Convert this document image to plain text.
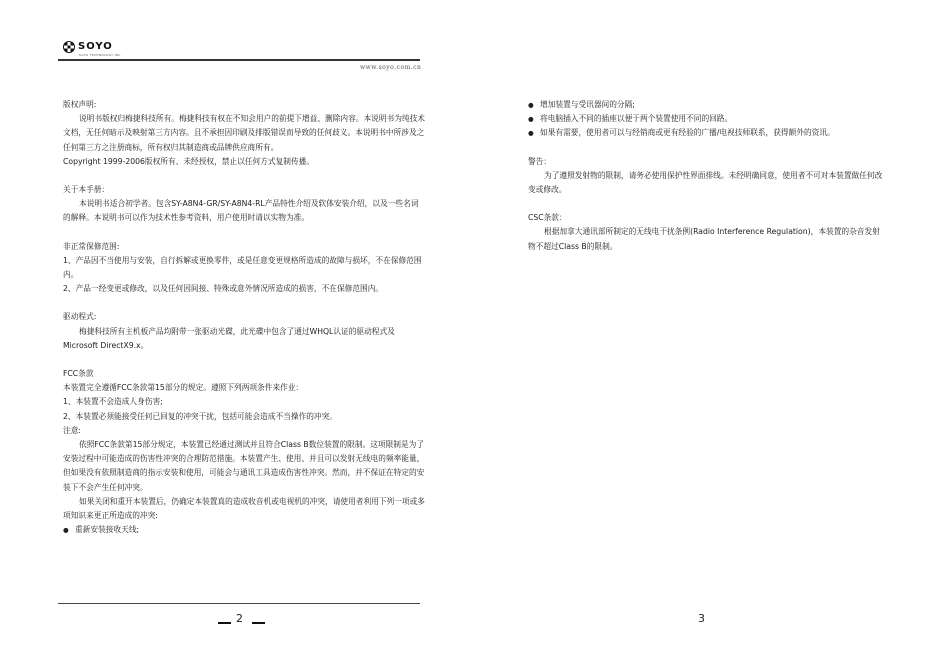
SOYO
SOYO TECHNOLOGY INC.
www.soyo.com.cn

版权声明:

说明书版权归梅捷科技所有。梅捷科技有权在不知会用户的前提下增益、删除内容。本说明书为纯技术文档，无任何暗示及映射第三方内容。且不承担因印刷及排版错误而导致的任何歧义。本说明书中所涉及之任何第三方之注册商标，所有权归其制造商或品牌供应商所有。

Copyright 1999-2006版权所有、未经授权，禁止以任何方式复制传播。

关于本手册：

本说明书适合初学者。包含SY-A8N4-GR/SY-A8N4-RL产品特性介绍及软体安装介绍，以及一些名词的解释。本说明书可以作为技术性参考资料，用户使用时请以实物为准。

非正常保修范围:

1、产品因不当使用与安装，自行拆解或更换零件，或是任意变更规格所造成的故障与损坏，不在保修范围内。

2、产品一经变更或修改，以及任何因间接、特殊或意外情况所造成的损害，不在保修范围内。

驱动程式:

梅捷科技所有主机板产品均附带一张驱动光碟，此光碟中包含了通过WHQL认证的驱动程式及Microsoft DirectX9.x。

FCC条款

本装置完全遵循FCC条款第15部分的规定。遵照下列两项条件来作业：

1、本装置不会造成人身伤害;

2、本装置必须能接受任何已回复的冲突干扰，包括可能会造成不当操作的冲突。

注意:

依照FCC条款第15部分规定，本装置已经通过测试并且符合Class B数位装置的限制。这项限制是为了安装过程中可能造成的伤害性冲突的合理防范措施。本装置产生、使用、并且可以发射无线电的频率能量，但如果没有依照制造商的指示安装和使用，可能会与通讯工具造成伤害性冲突。然而，并不保证在特定的安装下不会产生任何冲突。

如果关闭和重开本装置后，仍确定本装置真的造成收音机或电视机的冲突，请使用者利用下列一项或多项知识来更正所造成的冲突:

● 重新安装接收天线;

● 增加装置与受讯器间的分隔;

● 将电脑插入不同的插座以便于两个装置使用不同的回路。

● 如果有需要，使用者可以与经销商或更有经验的广播/电视技师联系，获得额外的资讯。

警告：

为了遵照发射物的限制，请务必使用保护性界面排线。未经明确同意，使用者不可对本装置做任何改变或修改。

CSC条款：

根据加拿大通讯部所制定的无线电干扰条例(Radio Interference Regulation)，本装置的杂音发射物不超过Class B的限制。

2	3
